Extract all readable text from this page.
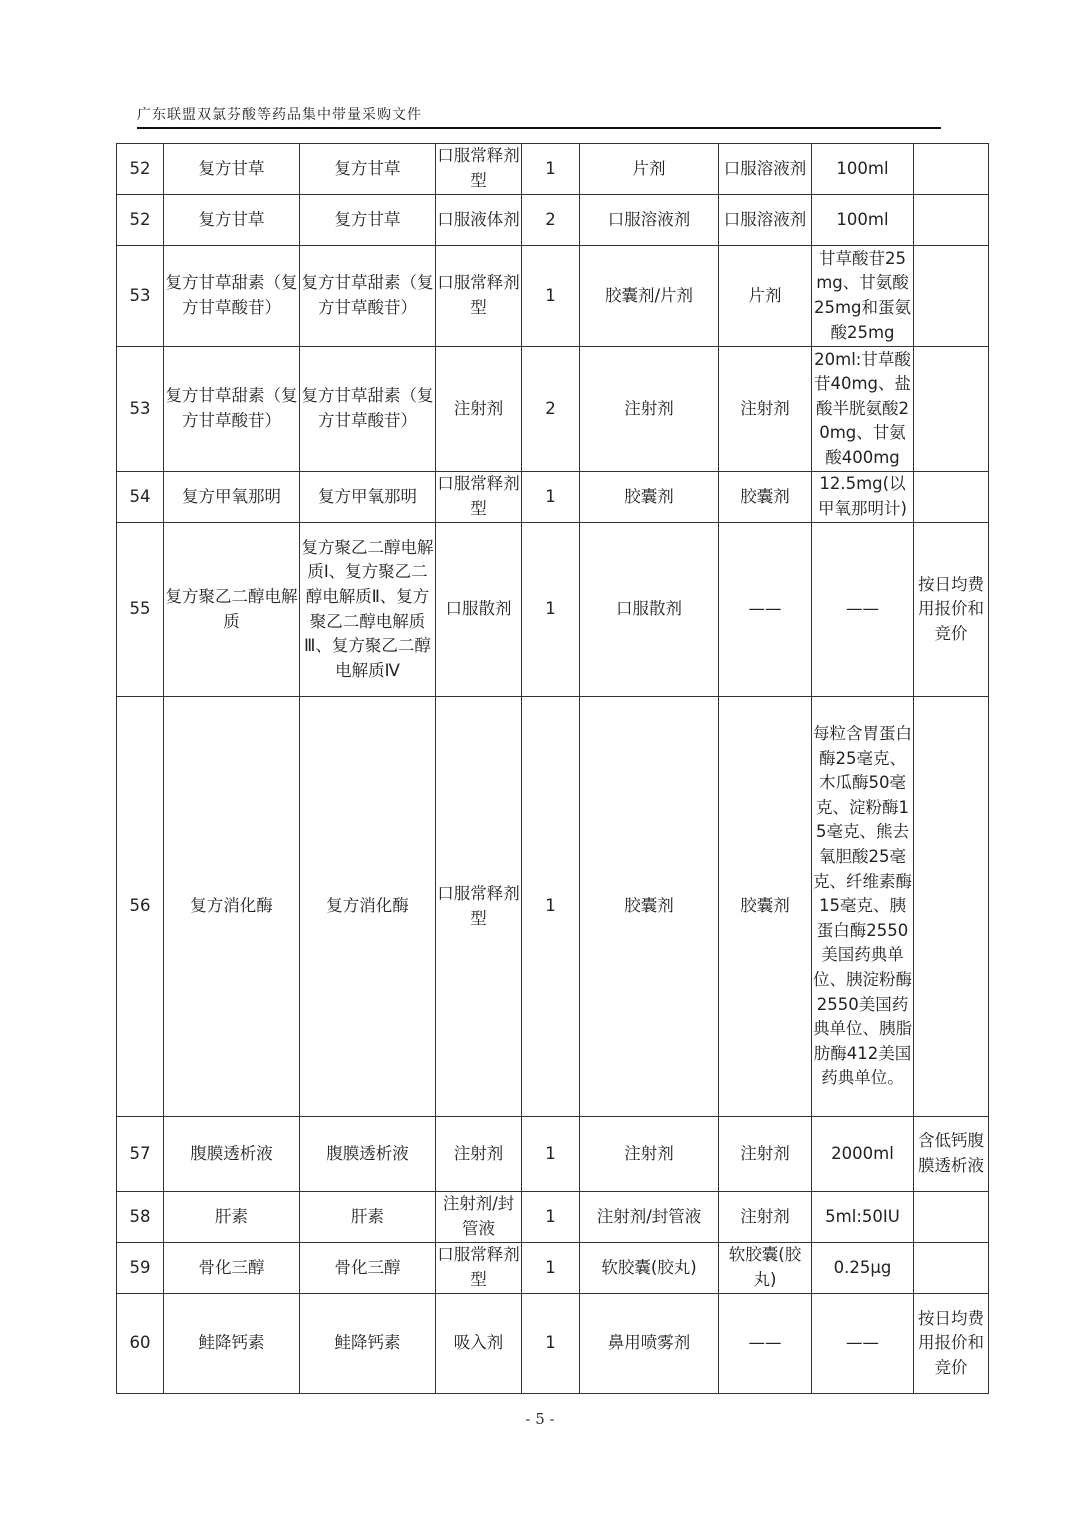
广东联盟双氯芬酸等药品集中带量采购文件
52	复方甘草	复方甘草	口服常释剂型	1	片剂	口服溶液剂	100ml	
52	复方甘草	复方甘草	口服液体剂	2	口服溶液剂	口服溶液剂	100ml	
53	复方甘草甜素（复方甘草酸苷）	复方甘草甜素（复方甘草酸苷）	口服常释剂型	1	胶囊剂/片剂	片剂	甘草酸苷25mg、甘氨酸25mg和蛋氨酸25mg	
53	复方甘草甜素（复方甘草酸苷）	复方甘草甜素（复方甘草酸苷）	注射剂	2	注射剂	注射剂	20ml:甘草酸苷40mg、盐酸半胱氨酸20mg、甘氨酸400mg	
54	复方甲氧那明	复方甲氧那明	口服常释剂型	1	胶囊剂	胶囊剂	12.5mg(以甲氧那明计)	
55	复方聚乙二醇电解质	复方聚乙二醇电解质Ⅰ、复方聚乙二醇电解质Ⅱ、复方聚乙二醇电解质Ⅲ、复方聚乙二醇电解质Ⅳ	口服散剂	1	口服散剂	——	——	按日均费用报价和竞价
56	复方消化酶	复方消化酶	口服常释剂型	1	胶囊剂	胶囊剂	每粒含胃蛋白酶25毫克、木瓜酶50毫克、淀粉酶15毫克、熊去氧胆酸25毫克、纤维素酶15毫克、胰蛋白酶2550美国药典单位、胰淀粉酶2550美国药典单位、胰脂肪酶412美国药典单位。	
57	腹膜透析液	腹膜透析液	注射剂	1	注射剂	注射剂	2000ml	含低钙腹膜透析液
58	肝素	肝素	注射剂/封管液	1	注射剂/封管液	注射剂	5ml:50IU	
59	骨化三醇	骨化三醇	口服常释剂型	1	软胶囊(胶丸)	软胶囊(胶丸)	0.25μg	
60	鲑降钙素	鲑降钙素	吸入剂	1	鼻用喷雾剂	——	——	按日均费用报价和竞价
- 5 -
